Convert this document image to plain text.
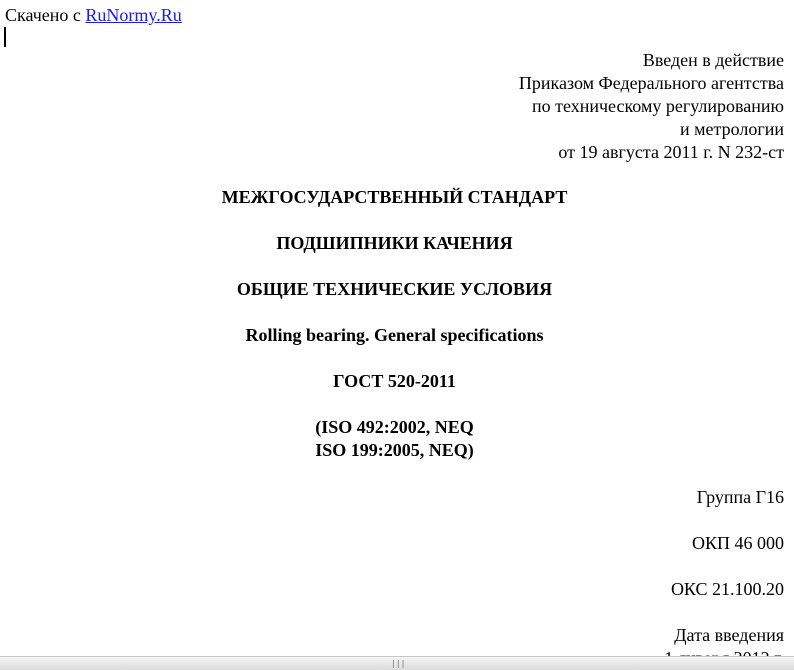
Скачено с RuNormy.Ru
Введен в действие
Приказом Федерального агентства
по техническому регулированию
и метрологии
от 19 августа 2011 г. N 232-ст
МЕЖГОСУДАРСТВЕННЫЙ СТАНДАРТ
ПОДШИПНИКИ КАЧЕНИЯ
ОБЩИЕ ТЕХНИЧЕСКИЕ УСЛОВИЯ
Rolling bearing. General specifications
ГОСТ 520-2011
(ISO 492:2002, NEQ
ISO 199:2005, NEQ)
Группа Г16
ОКП 46 000
ОКС 21.100.20
Дата введения
|||
